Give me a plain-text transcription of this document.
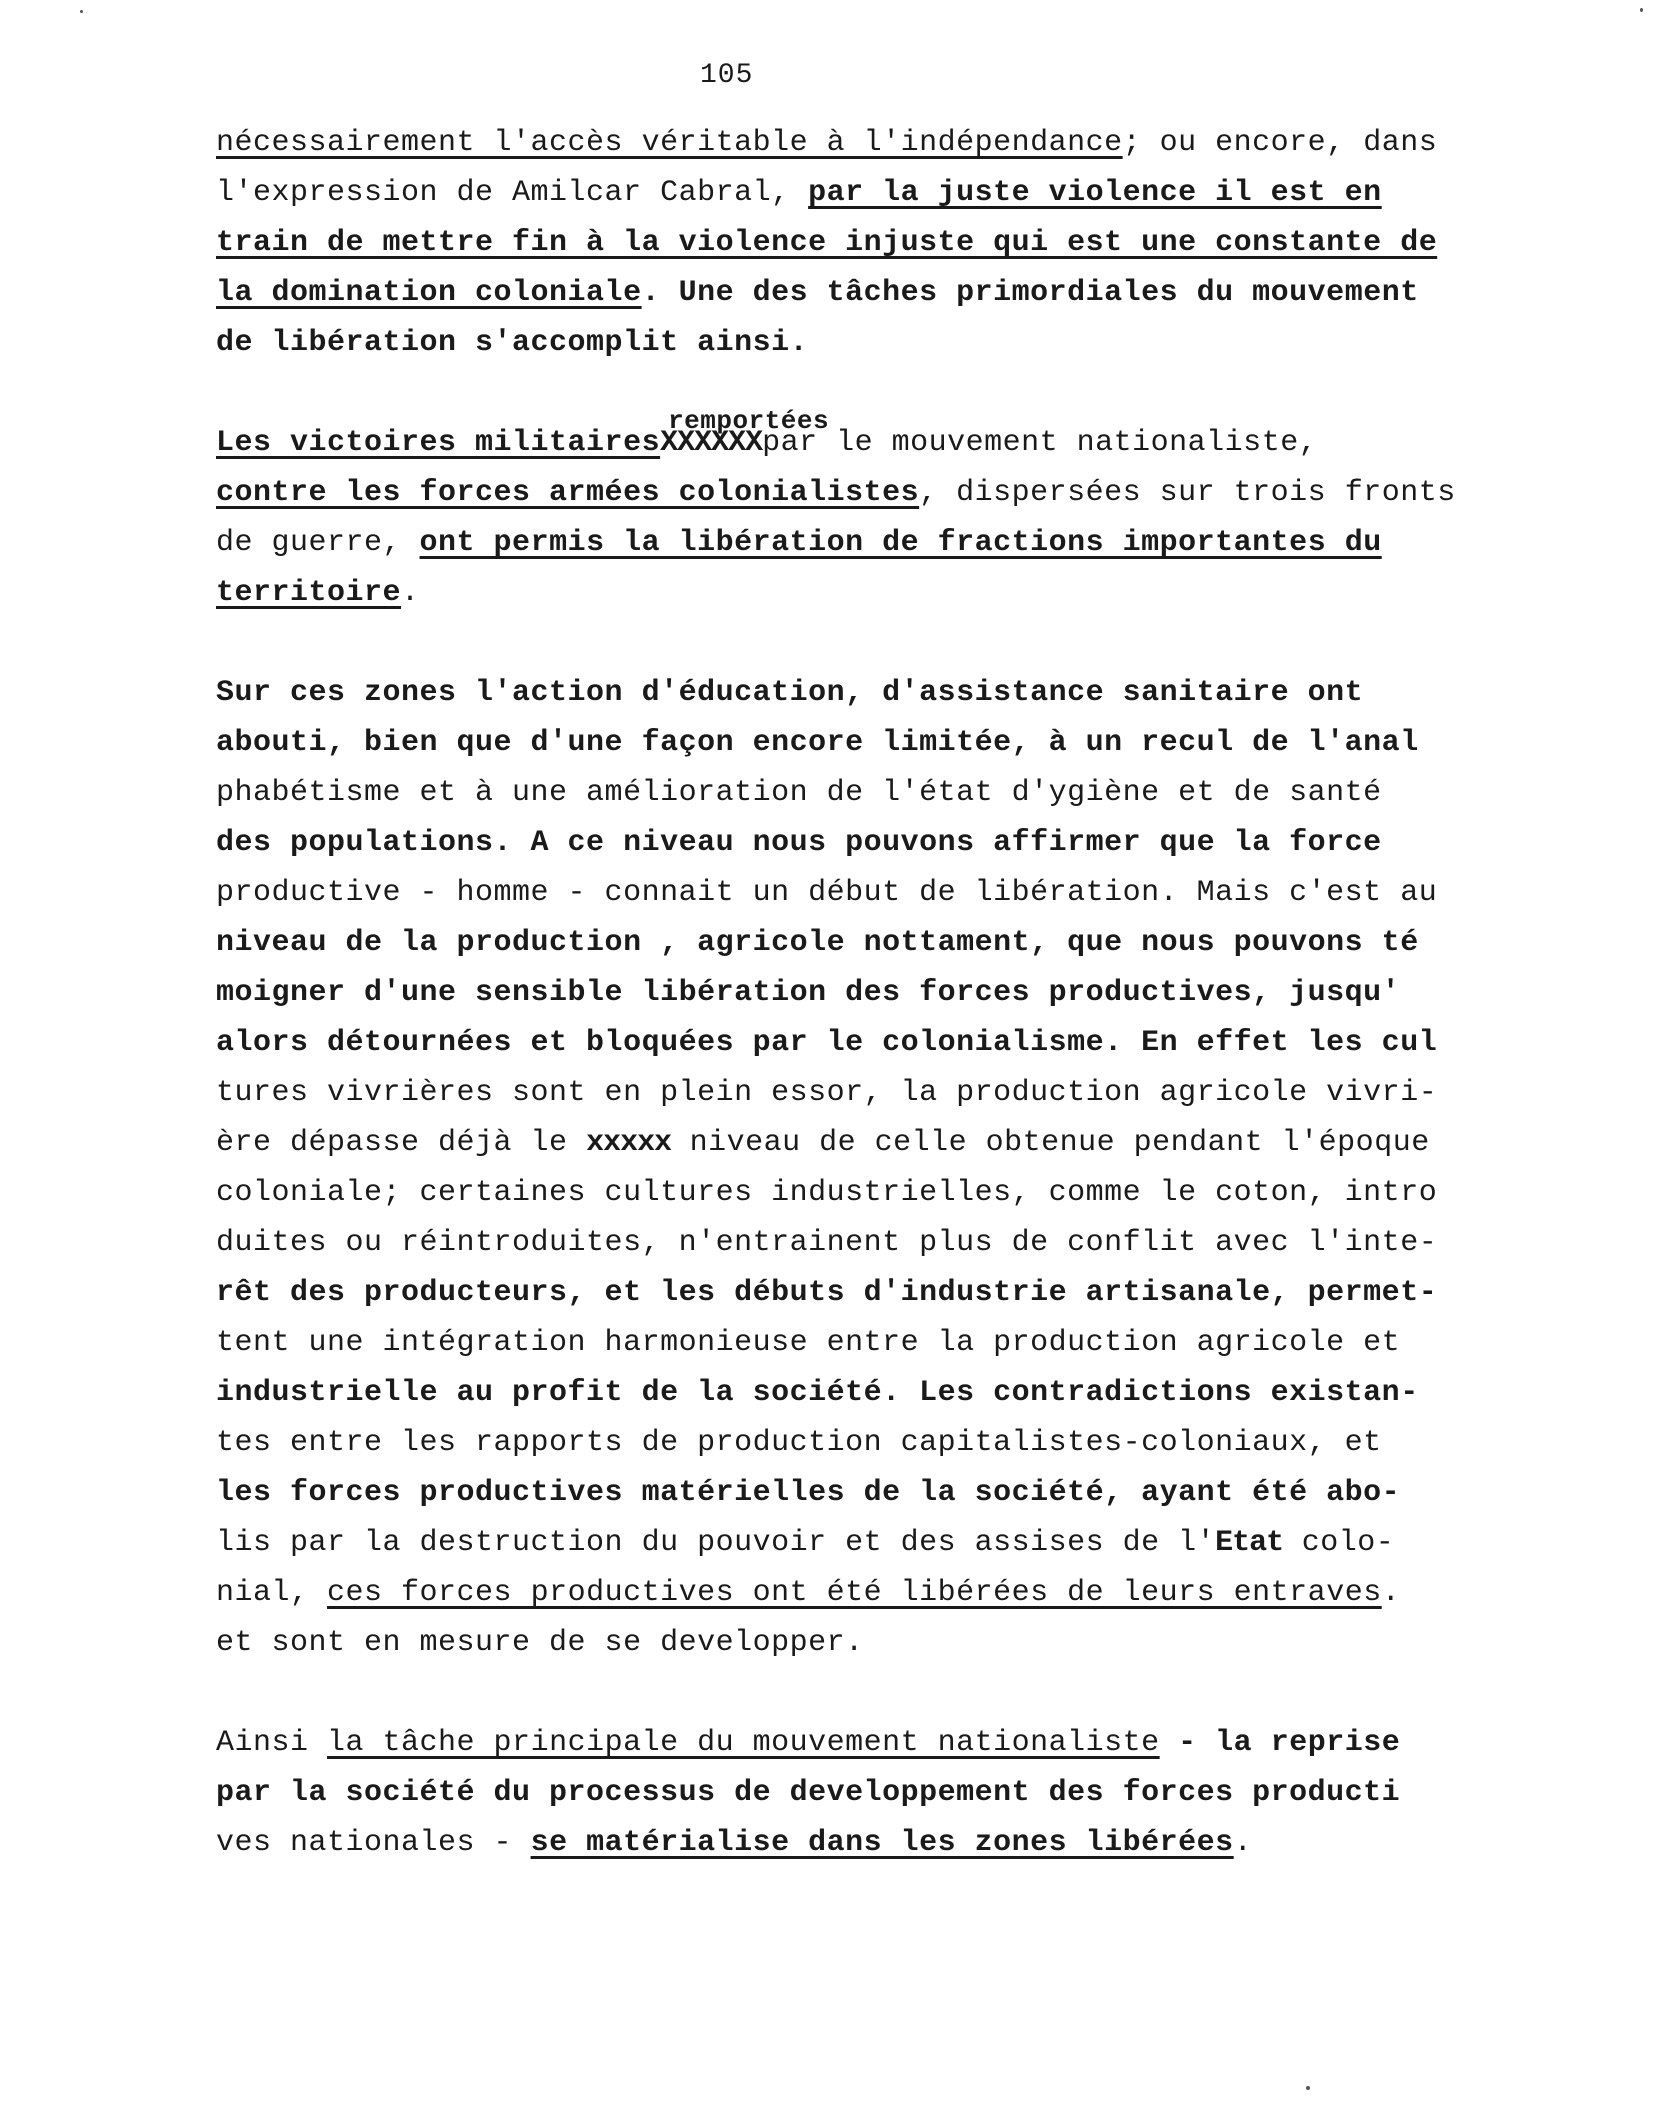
105
nécessairement l'accès véritable à l'indépendance; ou encore, dans
l'expression de Amilcar Cabral, par la juste violence il est en
train de mettre fin à la violence injuste qui est une constante de
la domination coloniale. Une des tâches primordiales du mouvement
de libération s'accomplit ainsi.
Les victoires militaires
remportées
XXXXXXpar le mouvement nationaliste,
contre les forces armées colonialistes, dispersées sur trois fronts
de guerre, ont permis la libération de fractions importantes du
territoire.
Sur ces zones l'action d'éducation, d'assistance sanitaire ont
abouti, bien que d'une façon encore limitée, à un recul de l'anal
phabétisme et à une amélioration de l'état d'ygiène et de santé
des populations. A ce niveau nous pouvons affirmer que la force
productive - homme - connait un début de libération. Mais c'est au
niveau de la production , agricole nottament, que nous pouvons té
moigner d'une sensible libération des forces productives, jusqu'
alors détournées et bloquées par le colonialisme. En effet les cul
tures vivrières sont en plein essor, la production agricole vivri-
ère dépasse déjà le xxxxx niveau de celle obtenue pendant l'époque
coloniale; certaines cultures industrielles, comme le coton, intro
duites ou réintroduites, n'entrainent plus de conflit avec l'inte-
rêt des producteurs, et les débuts d'industrie artisanale, permet-
tent une intégration harmonieuse entre la production agricole et
industrielle au profit de la société. Les contradictions existan-
tes entre les rapports de production capitalistes-coloniaux, et
les forces productives matérielles de la société, ayant été abo-
lis par la destruction du pouvoir et des assises de l'Etat colo-
nial, ces forces productives ont été libérées de leurs entraves.
et sont en mesure de se developper.
Ainsi la tâche principale du mouvement nationaliste - la reprise
par la société du processus de developpement des forces producti
ves nationales - se matérialise dans les zones libérées.
